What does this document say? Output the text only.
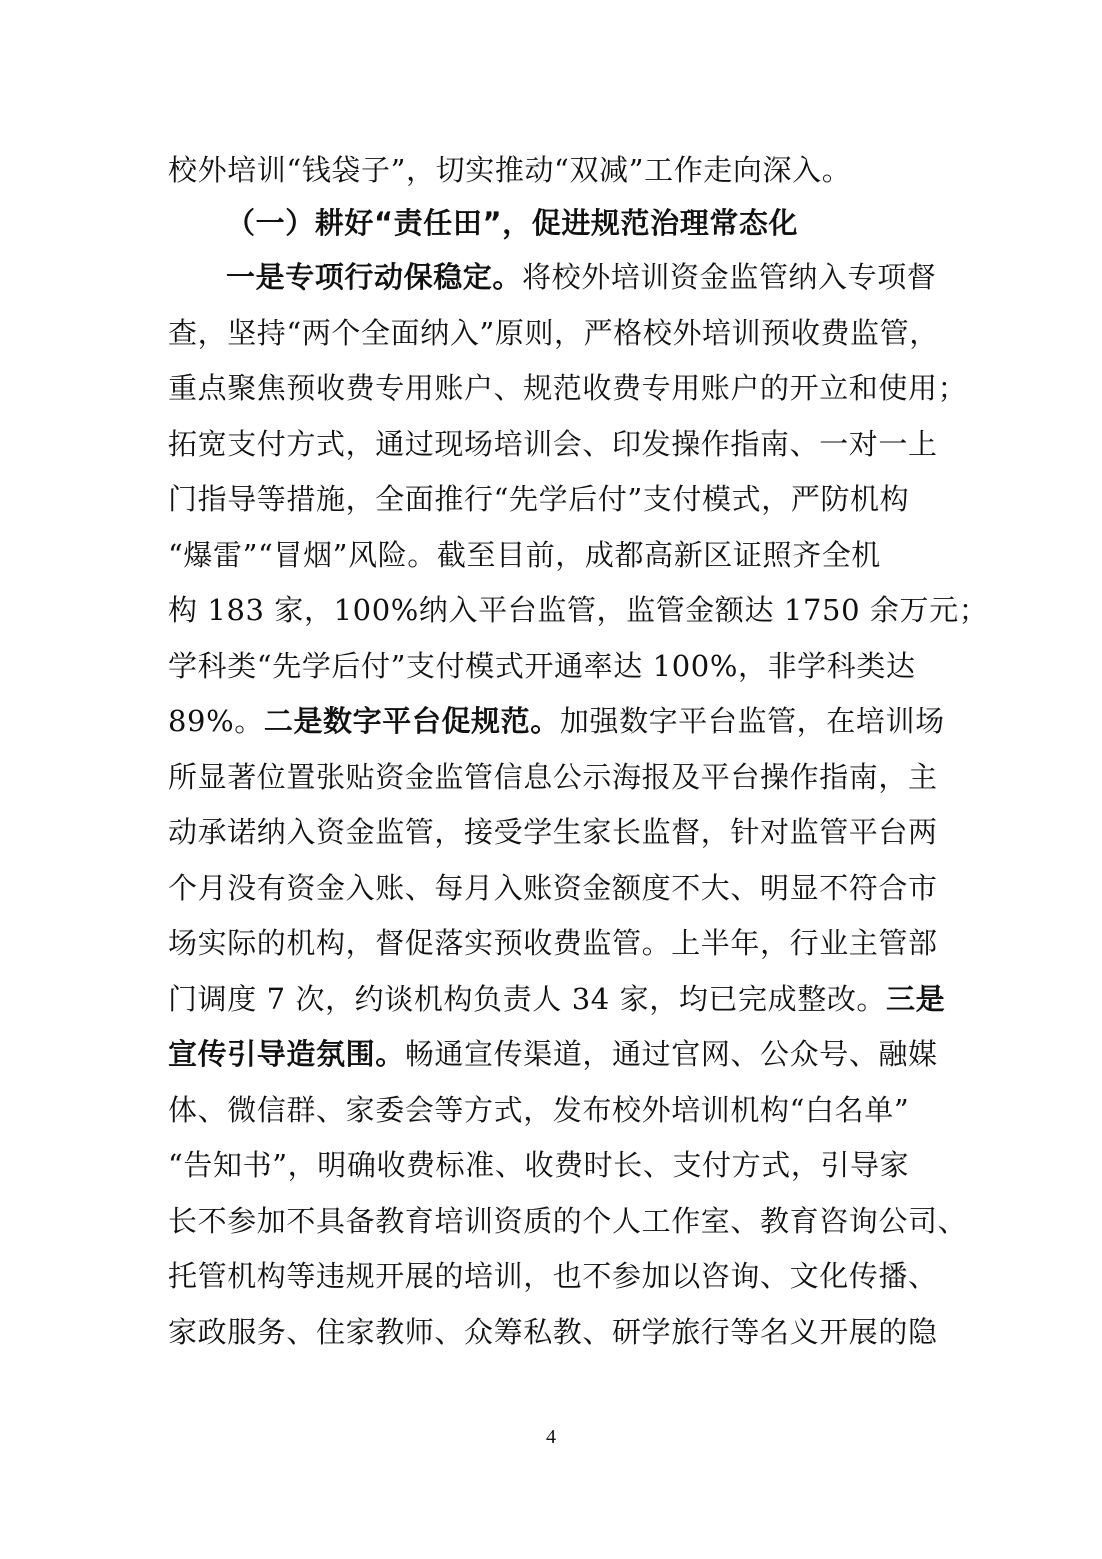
校外培训“钱袋子”，切实推动“双减”工作走向深入。
（一）耕好“责任田”，促进规范治理常态化
一是专项行动保稳定。将校外培训资金监管纳入专项督
查，坚持“两个全面纳入”原则，严格校外培训预收费监管，
重点聚焦预收费专用账户、规范收费专用账户的开立和使用；
拓宽支付方式，通过现场培训会、印发操作指南、一对一上
门指导等措施，全面推行“先学后付”支付模式，严防机构
“爆雷”“冒烟”风险。截至目前，成都高新区证照齐全机
构 183 家，100%纳入平台监管，监管金额达 1750 余万元；
学科类“先学后付”支付模式开通率达 100%，非学科类达
89%。二是数字平台促规范。加强数字平台监管，在培训场
所显著位置张贴资金监管信息公示海报及平台操作指南，主
动承诺纳入资金监管，接受学生家长监督，针对监管平台两
个月没有资金入账、每月入账资金额度不大、明显不符合市
场实际的机构，督促落实预收费监管。上半年，行业主管部
门调度 7 次，约谈机构负责人 34 家，均已完成整改。三是
宣传引导造氛围。畅通宣传渠道，通过官网、公众号、融媒
体、微信群、家委会等方式，发布校外培训机构“白名单”
“告知书”，明确收费标准、收费时长、支付方式，引导家
长不参加不具备教育培训资质的个人工作室、教育咨询公司、
托管机构等违规开展的培训，也不参加以咨询、文化传播、
家政服务、住家教师、众筹私教、研学旅行等名义开展的隐
4
